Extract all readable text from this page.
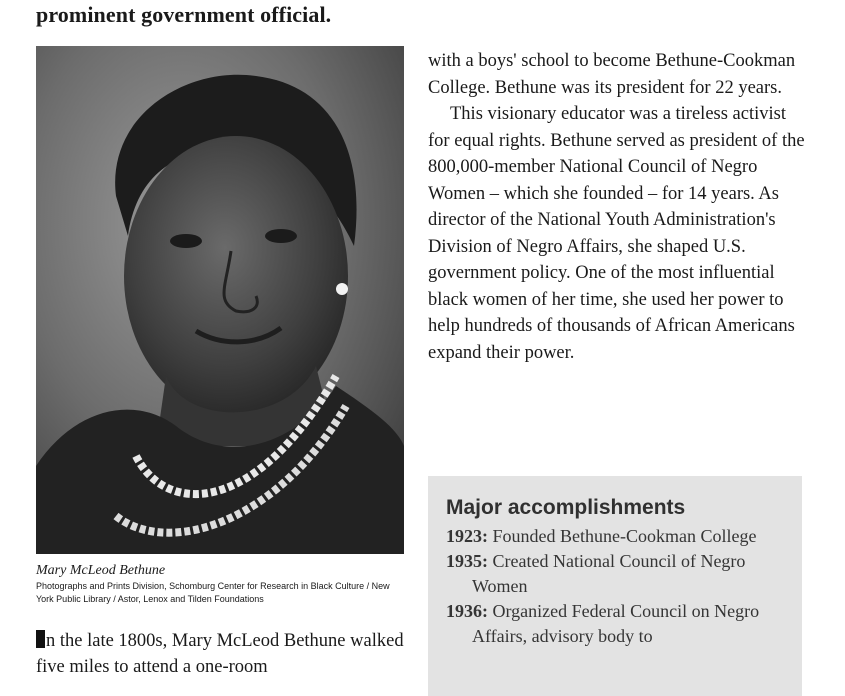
prominent government official.
Mary McLeod Bethune
Photographs and Prints Division, Schomburg Center for Research in Black Culture / New York Public Library / Astor, Lenox and Tilden Foundations
n the late 1800s, Mary McLeod Bethune walked five miles to attend a one-room

with a boys' school to become Bethune-Cookman College. Bethune was its president for 22 years.

This visionary educator was a tireless activist for equal rights. Bethune served as president of the 800,000-member National Council of Negro Women – which she founded – for 14 years. As director of the National Youth Administration's Division of Negro Affairs, she shaped U.S. government policy. One of the most influential black women of her time, she used her power to help hundreds of thousands of African Americans expand their power.

Major accomplishments
1923: Founded Bethune-Cookman College
1935: Created National Council of Negro Women
1936: Organized Federal Council on Negro Affairs, advisory body to
